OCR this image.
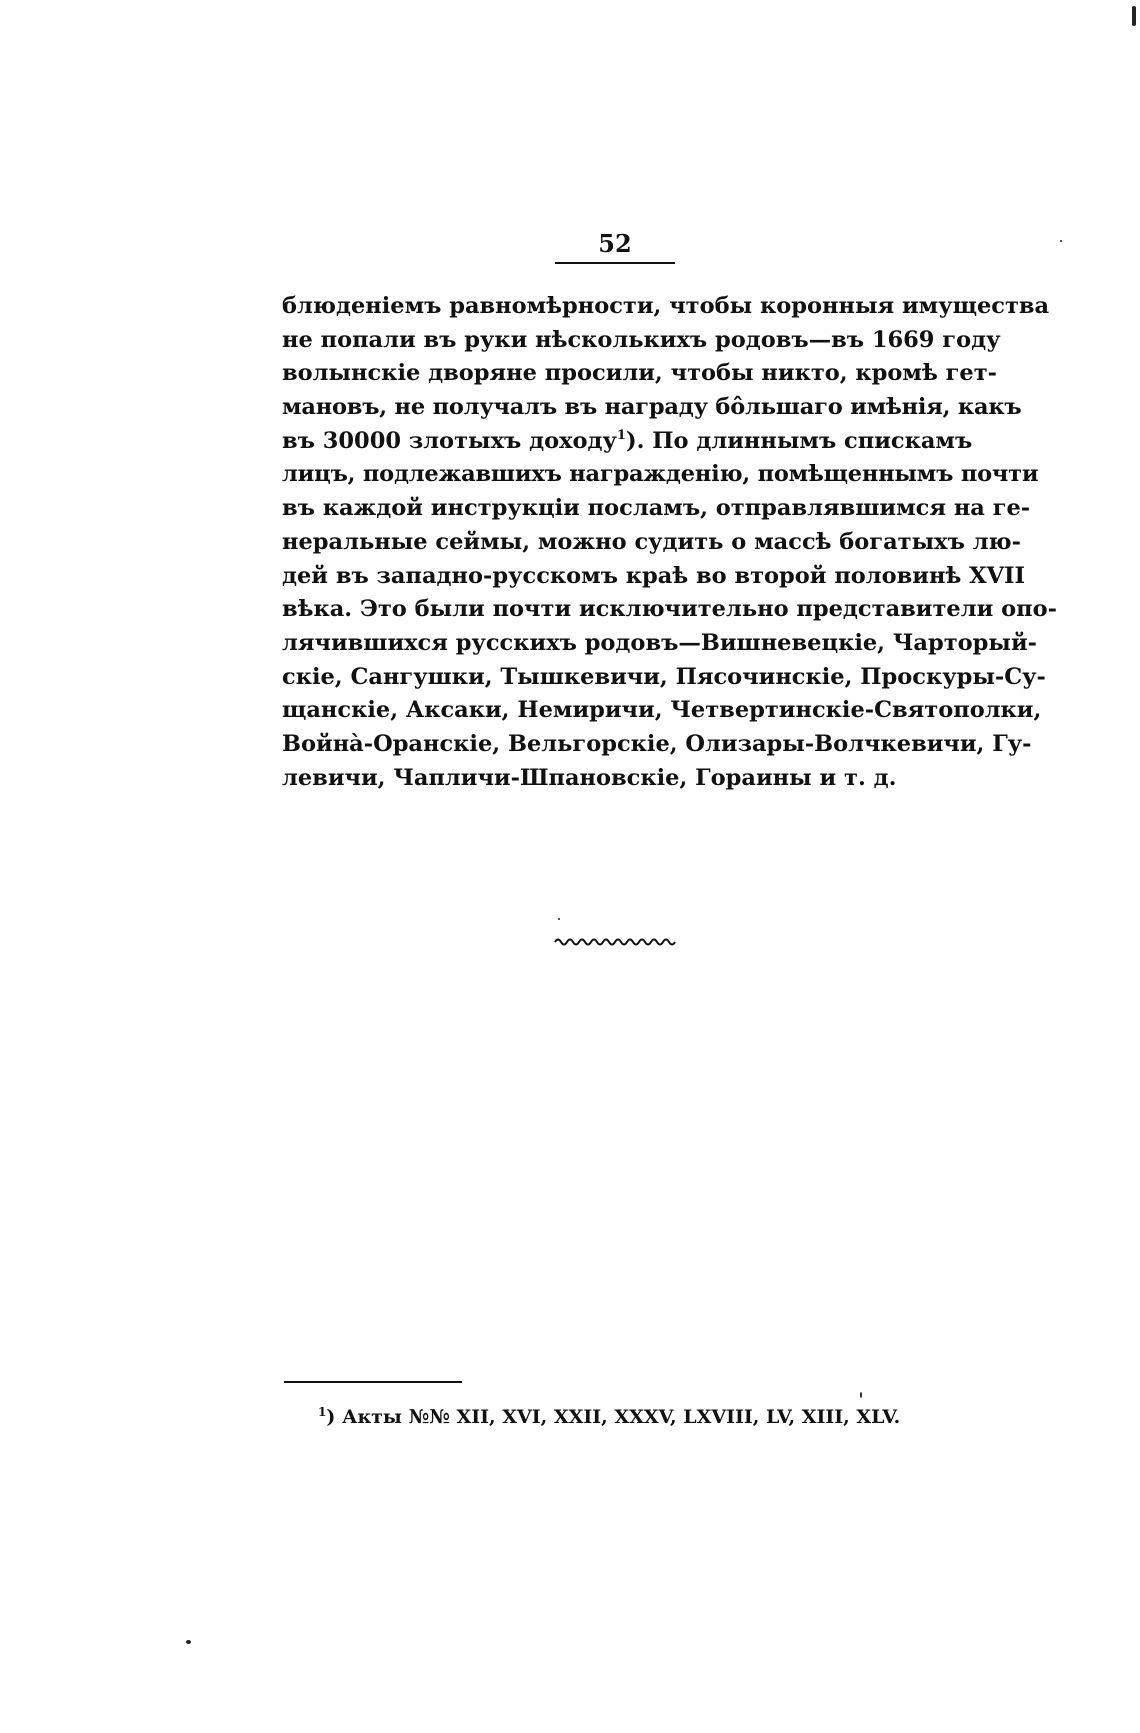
52
блюденіемъ равномѣрности, чтобы коронныя имущества
не попали въ руки нѣсколькихъ родовъ—въ 1669 году
волынскіе дворяне просили, чтобы никто, кромѣ гет-
мановъ, не получалъ въ награду бо̂льшаго имѣнія, какъ
въ 30000 злотыхъ доходу$^1$). По длиннымъ спискамъ
лицъ, подлежавшихъ награжденію, помѣщеннымъ почти
въ каждой инструкціи посламъ, отправлявшимся на ге-
неральные сеймы, можно судить о массѣ богатыхъ лю-
дей въ западно-русскомъ краѣ во второй половинѣ XVII
вѣка. Это были почти исключительно представители опо-
лячившихся русскихъ родовъ—Вишневецкіе, Чарторый-
скіе, Сангушки, Тышкевичи, Пясочинскіе, Проскуры-Су-
щанскіе, Аксаки, Немиричи, Четвертинскіе-Святополки,
Войнà-Оранскіе, Вельгорскіе, Олизары-Волчкевичи, Гу-
левичи, Чапличи-Шпановскіе, Гораины и т. д.
$^1$) Акты №№ XII, XVI, XXII, XXXV, LXVIII, LV, XIII, XLV.
